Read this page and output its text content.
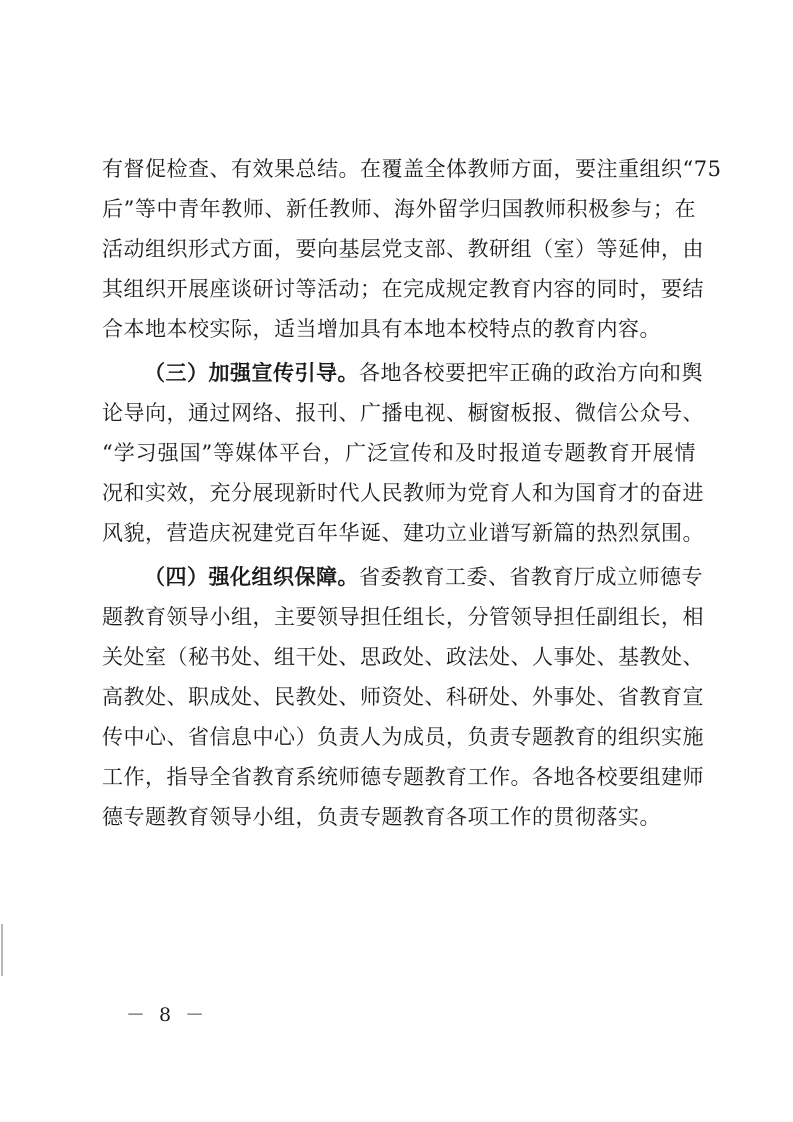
有督促检查、有效果总结。在覆盖全体教师方面，要注重组织“75
后”等中青年教师、新任教师、海外留学归国教师积极参与；在
活动组织形式方面，要向基层党支部、教研组（室）等延伸，由
其组织开展座谈研讨等活动；在完成规定教育内容的同时，要结
合本地本校实际，适当增加具有本地本校特点的教育内容。
（三）加强宣传引导。各地各校要把牢正确的政治方向和舆
论导向，通过网络、报刊、广播电视、橱窗板报、微信公众号、
“学习强国”等媒体平台，广泛宣传和及时报道专题教育开展情
况和实效，充分展现新时代人民教师为党育人和为国育才的奋进
风貌，营造庆祝建党百年华诞、建功立业谱写新篇的热烈氛围。
（四）强化组织保障。省委教育工委、省教育厅成立师德专
题教育领导小组，主要领导担任组长，分管领导担任副组长，相
关处室（秘书处、组干处、思政处、政法处、人事处、基教处、
高教处、职成处、民教处、师资处、科研处、外事处、省教育宣
传中心、省信息中心）负责人为成员，负责专题教育的组织实施
工作，指导全省教育系统师德专题教育工作。各地各校要组建师
德专题教育领导小组，负责专题教育各项工作的贯彻落实。
－ 8 －
